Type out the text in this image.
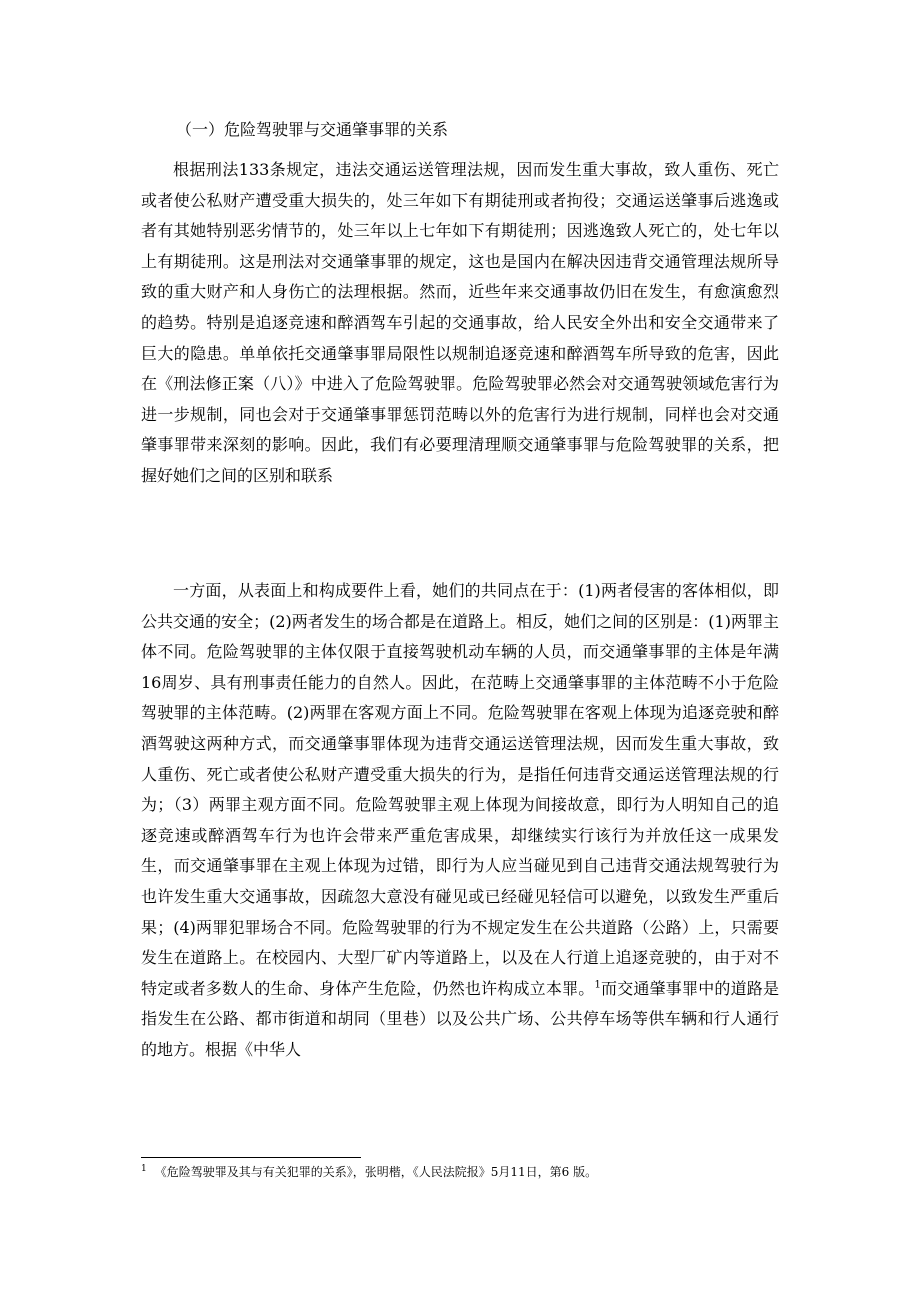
（一）危险驾驶罪与交通肇事罪的关系

根据刑法133条规定，违法交通运送管理法规，因而发生重大事故，致人重伤、死亡或者使公私财产遭受重大损失的，处三年如下有期徒刑或者拘役；交通运送肇事后逃逸或者有其她特别恶劣情节的，处三年以上七年如下有期徒刑；因逃逸致人死亡的，处七年以上有期徒刑。这是刑法对交通肇事罪的规定，这也是国内在解决因违背交通管理法规所导致的重大财产和人身伤亡的法理根据。然而，近些年来交通事故仍旧在发生，有愈演愈烈的趋势。特别是追逐竞速和醉酒驾车引起的交通事故，给人民安全外出和安全交通带来了巨大的隐患。单单依托交通肇事罪局限性以规制追逐竞速和醉酒驾车所导致的危害，因此在《刑法修正案（八）》中进入了危险驾驶罪。危险驾驶罪必然会对交通驾驶领域危害行为进一步规制，同也会对于交通肇事罪惩罚范畴以外的危害行为进行规制，同样也会对交通肇事罪带来深刻的影响。因此，我们有必要理清理顺交通肇事罪与危险驾驶罪的关系，把握好她们之间的区别和联系

一方面，从表面上和构成要件上看，她们的共同点在于：(1)两者侵害的客体相似，即公共交通的安全；(2)两者发生的场合都是在道路上。相反，她们之间的区别是：(1)两罪主体不同。危险驾驶罪的主体仅限于直接驾驶机动车辆的人员，而交通肇事罪的主体是年满16周岁、具有刑事责任能力的自然人。因此，在范畴上交通肇事罪的主体范畴不小于危险驾驶罪的主体范畴。(2)两罪在客观方面上不同。危险驾驶罪在客观上体现为追逐竞驶和醉酒驾驶这两种方式，而交通肇事罪体现为违背交通运送管理法规，因而发生重大事故，致人重伤、死亡或者使公私财产遭受重大损失的行为，是指任何违背交通运送管理法规的行为；（3）两罪主观方面不同。危险驾驶罪主观上体现为间接故意，即行为人明知自己的追逐竞速或醉酒驾车行为也许会带来严重危害成果，却继续实行该行为并放任这一成果发生，而交通肇事罪在主观上体现为过错，即行为人应当碰见到自己违背交通法规驾驶行为也许发生重大交通事故，因疏忽大意没有碰见或已经碰见轻信可以避免，以致发生严重后果；(4)两罪犯罪场合不同。危险驾驶罪的行为不规定发生在公共道路（公路）上，只需要发生在道路上。在校园内、大型厂矿内等道路上，以及在人行道上追逐竞驶的，由于对不特定或者多数人的生命、身体产生危险，仍然也许构成立本罪。$^1$而交通肇事罪中的道路是指发生在公路、都市街道和胡同（里巷）以及公共广场、公共停车场等供车辆和行人通行的地方。根据《中华人

$^1$ 《危险驾驶罪及其与有关犯罪的关系》，张明楷，《人民法院报》5月11日，第6 版。
